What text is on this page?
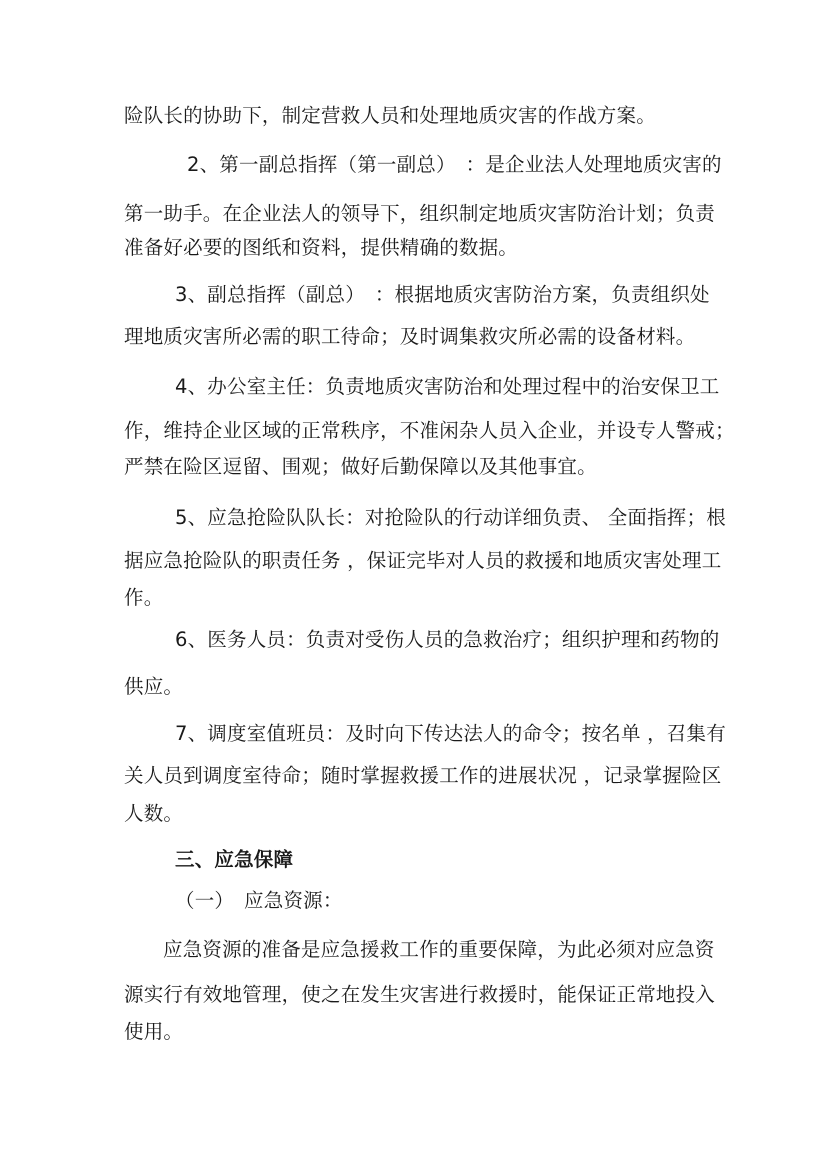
险队长的协助下，制定营救人员和处理地质灾害的作战方案。
2、第一副总指挥（第一副总）　：是企业法人处理地质灾害的
第一助手。在企业法人的领导下，组织制定地质灾害防治计划；负责
准备好必要的图纸和资料，提供精确的数据。
3、副总指挥（副总）　：根据地质灾害防治方案，负责组织处
理地质灾害所必需的职工待命；及时调集救灾所必需的设备材料。
4、办公室主任：负责地质灾害防治和处理过程中的治安保卫工
作，维持企业区域的正常秩序，不准闲杂人员入企业，并设专人警戒；
严禁在险区逗留、围观；做好后勤保障以及其他事宜。
5、应急抢险队队长：对抢险队的行动详细负责、 全面指挥；根
据应急抢险队的职责任务 ，保证完毕对人员的救援和地质灾害处理工
作。
6、医务人员：负责对受伤人员的急救治疗；组织护理和药物的
供应。
7、调度室值班员：及时向下传达法人的命令；按名单 ，召集有
关人员到调度室待命；随时掌握救援工作的进展状况 ，记录掌握险区
人数。
三、应急保障
（一）　应急资源：
应急资源的准备是应急援救工作的重要保障，为此必须对应急资
源实行有效地管理，使之在发生灾害进行救援时，能保证正常地投入
使用。
